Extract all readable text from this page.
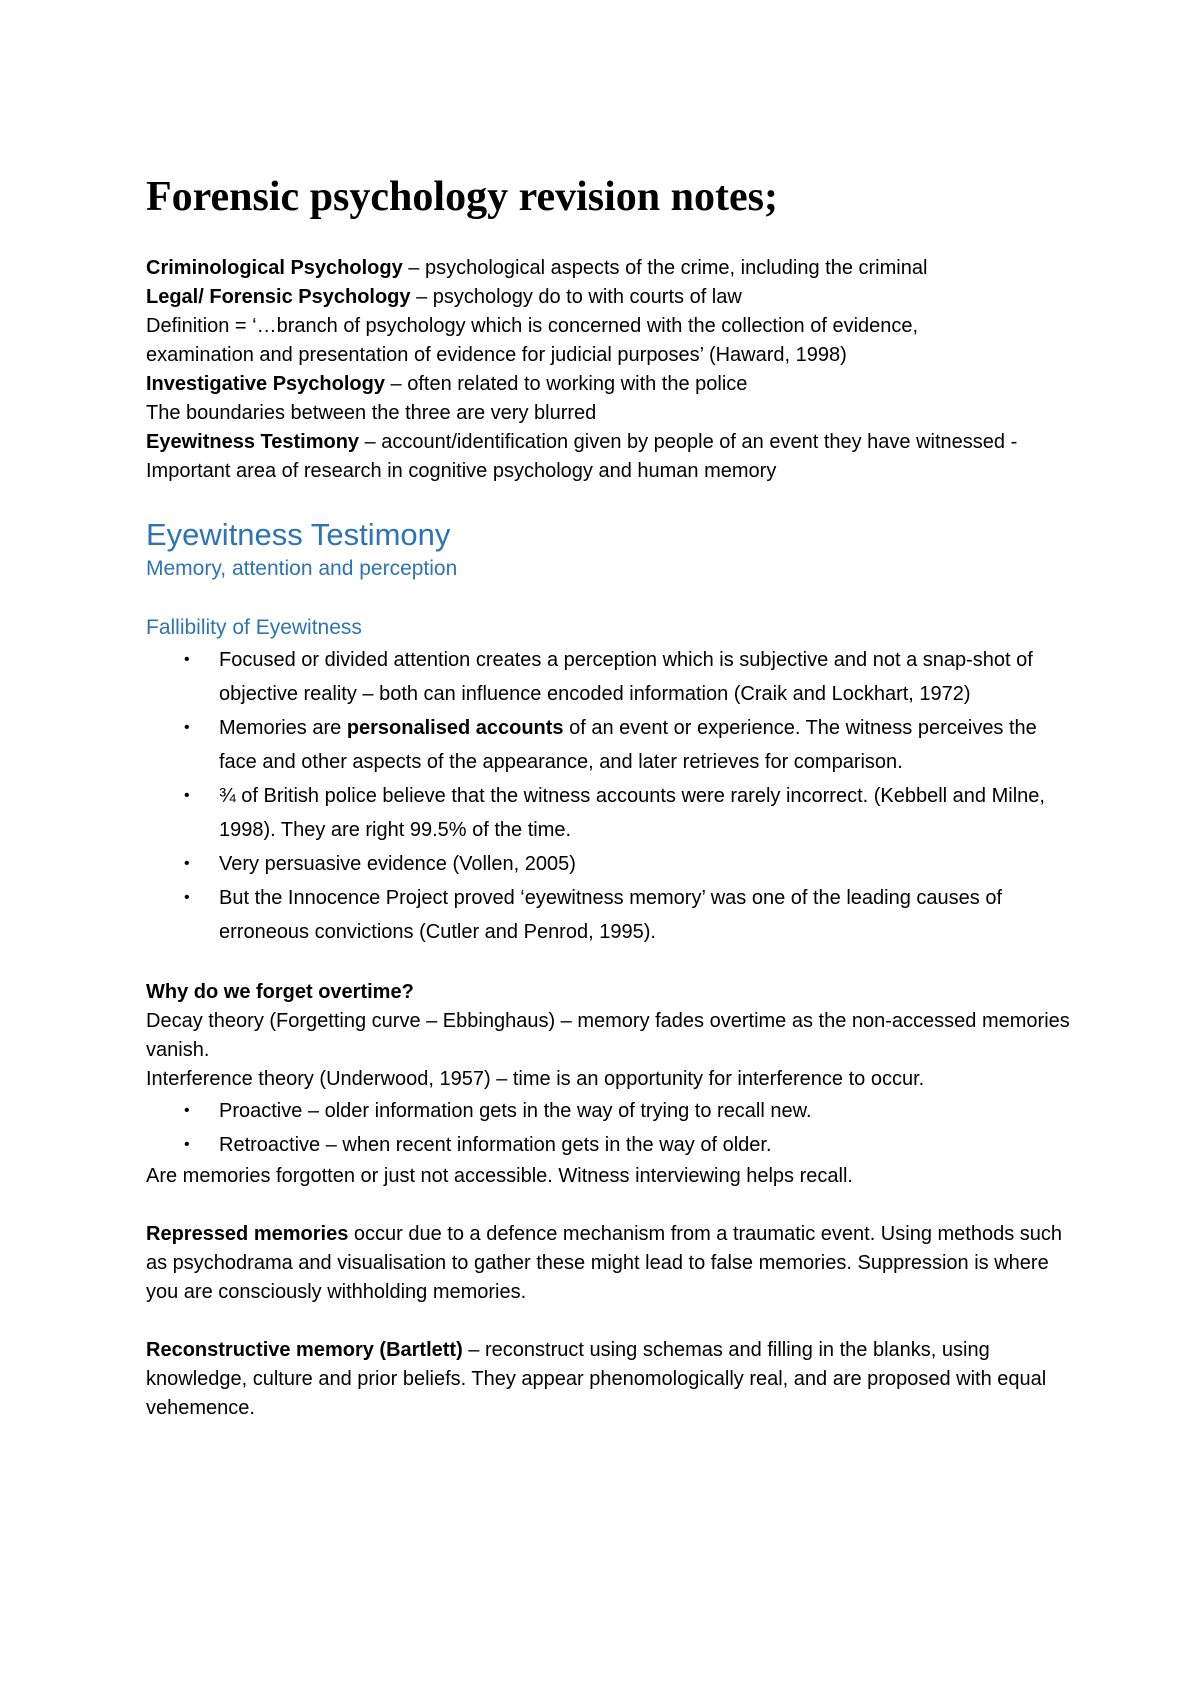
Forensic psychology revision notes;

Criminological Psychology – psychological aspects of the crime, including the criminal

Legal/ Forensic Psychology – psychology do to with courts of law

Definition = ‘…branch of psychology which is concerned with the collection of evidence,

examination and presentation of evidence for judicial purposes’ (Haward, 1998)

Investigative Psychology – often related to working with the police

The boundaries between the three are very blurred

Eyewitness Testimony – account/identification given by people of an event they have witnessed - Important area of research in cognitive psychology and human memory

Eyewitness Testimony

Memory, attention and perception

Fallibility of Eyewitness

• Focused or divided attention creates a perception which is subjective and not a snap-shot of objective reality – both can influence encoded information (Craik and Lockhart, 1972)
• Memories are personalised accounts of an event or experience. The witness perceives the face and other aspects of the appearance, and later retrieves for comparison.
• ¾ of British police believe that the witness accounts were rarely incorrect. (Kebbell and Milne, 1998). They are right 99.5% of the time.
• Very persuasive evidence (Vollen, 2005)
• But the Innocence Project proved ‘eyewitness memory’ was one of the leading causes of erroneous convictions (Cutler and Penrod, 1995).

Why do we forget overtime?

Decay theory (Forgetting curve – Ebbinghaus) – memory fades overtime as the non-accessed memories vanish.

Interference theory (Underwood, 1957) – time is an opportunity for interference to occur.

• Proactive – older information gets in the way of trying to recall new.
• Retroactive – when recent information gets in the way of older.

Are memories forgotten or just not accessible. Witness interviewing helps recall.

Repressed memories occur due to a defence mechanism from a traumatic event. Using methods such as psychodrama and visualisation to gather these might lead to false memories. Suppression is where you are consciously withholding memories.

Reconstructive memory (Bartlett) – reconstruct using schemas and filling in the blanks, using knowledge, culture and prior beliefs. They appear phenomologically real, and are proposed with equal vehemence.
